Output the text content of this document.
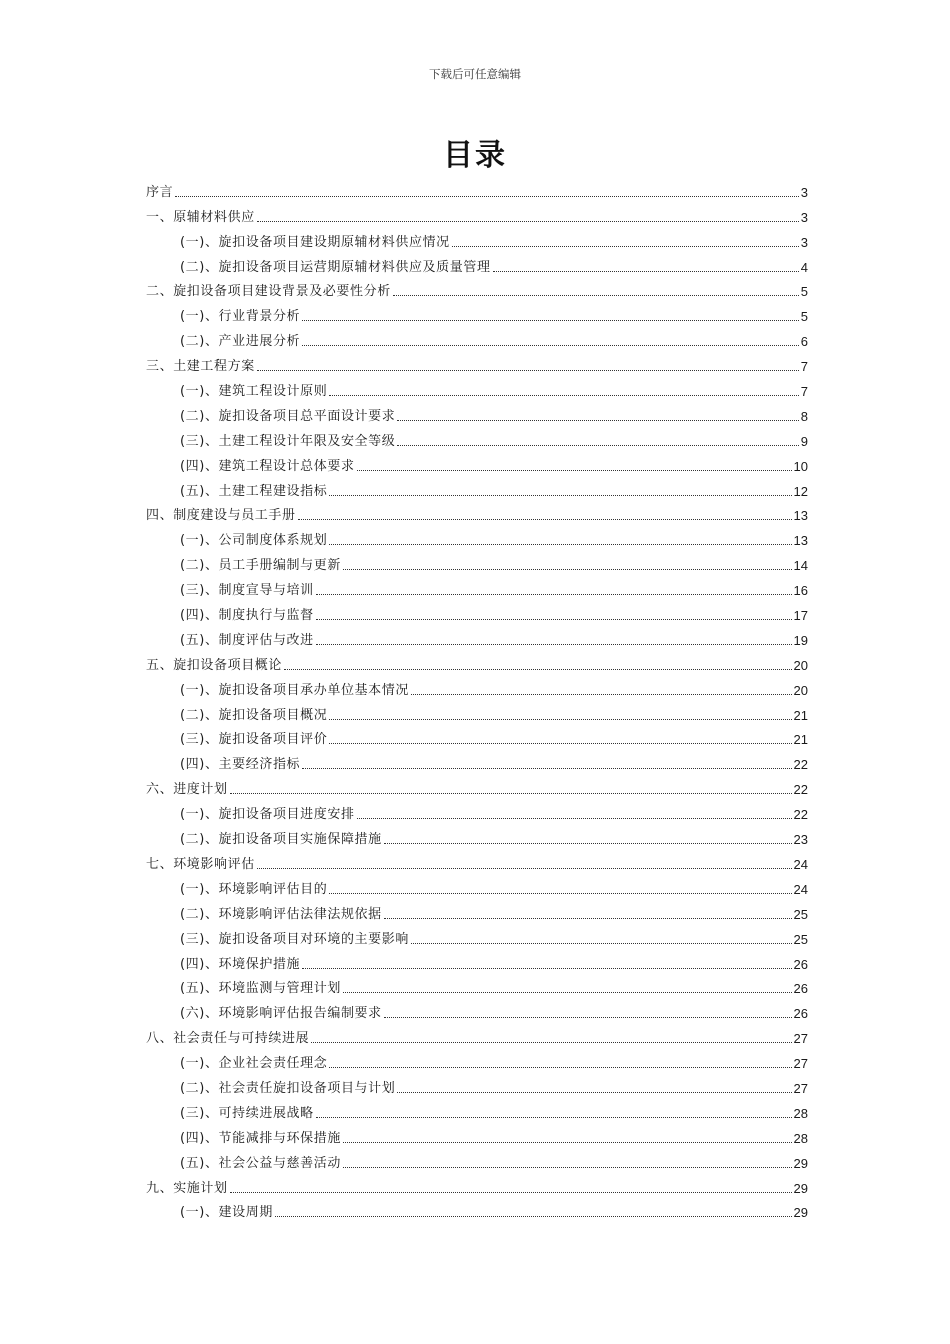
下载后可任意编辑
目录
序言	3
一、原辅材料供应	3
(一)、旋扣设备项目建设期原辅材料供应情况	3
(二)、旋扣设备项目运营期原辅材料供应及质量管理	4
二、旋扣设备项目建设背景及必要性分析	5
(一)、行业背景分析	5
(二)、产业进展分析	6
三、土建工程方案	7
(一)、建筑工程设计原则	7
(二)、旋扣设备项目总平面设计要求	8
(三)、土建工程设计年限及安全等级	9
(四)、建筑工程设计总体要求	10
(五)、土建工程建设指标	12
四、制度建设与员工手册	13
(一)、公司制度体系规划	13
(二)、员工手册编制与更新	14
(三)、制度宣导与培训	16
(四)、制度执行与监督	17
(五)、制度评估与改进	19
五、旋扣设备项目概论	20
(一)、旋扣设备项目承办单位基本情况	20
(二)、旋扣设备项目概况	21
(三)、旋扣设备项目评价	21
(四)、主要经济指标	22
六、进度计划	22
(一)、旋扣设备项目进度安排	22
(二)、旋扣设备项目实施保障措施	23
七、环境影响评估	24
(一)、环境影响评估目的	24
(二)、环境影响评估法律法规依据	25
(三)、旋扣设备项目对环境的主要影响	25
(四)、环境保护措施	26
(五)、环境监测与管理计划	26
(六)、环境影响评估报告编制要求	26
八、社会责任与可持续进展	27
(一)、企业社会责任理念	27
(二)、社会责任旋扣设备项目与计划	27
(三)、可持续进展战略	28
(四)、节能减排与环保措施	28
(五)、社会公益与慈善活动	29
九、实施计划	29
(一)、建设周期	29
